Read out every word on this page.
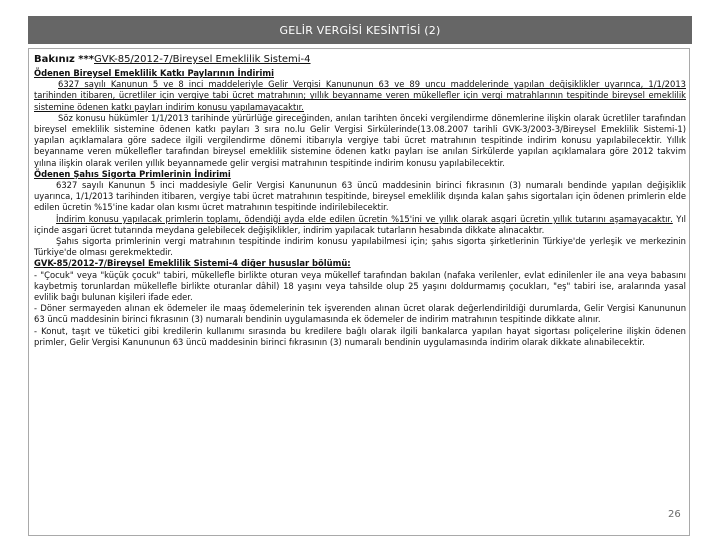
GELİR VERGİSİ KESİNTİSİ (2)

Bakınız ***GVK-85/2012-7/Bireysel Emeklilik Sistemi-4

Ödenen Bireysel Emeklilik Katkı Paylarının İndirimi

6327 sayılı Kanunun 5 ve 8 inci maddeleriyle Gelir Vergisi Kanununun 63 ve 89 uncu maddelerinde yapılan değişiklikler uyarınca, 1/1/2013 tarihinden itibaren, ücretliler için vergiye tabi ücret matrahının; yıllık beyanname veren mükellefler için vergi matrahlarının tespitinde bireysel emeklilik sistemine ödenen katkı payları indirim konusu yapılamayacaktır.

Söz konusu hükümler 1/1/2013 tarihinde yürürlüğe gireceğinden, anılan tarihten önceki vergilendirme dönemlerine ilişkin olarak ücretliler tarafından bireysel emeklilik sistemine ödenen katkı payları 3 sıra no.lu Gelir Vergisi Sirkülerinde(13.08.2007 tarihli GVK-3/2003-3/Bireysel Emeklilik Sistemi-1) yapılan açıklamalara göre sadece ilgili vergilendirme dönemi itibarıyla vergiye tabi ücret matrahının tespitinde indirim konusu yapılabilecektir. Yıllık beyanname veren mükellefler tarafından bireysel emeklilik sistemine ödenen katkı payları ise anılan Sirkülerde yapılan açıklamalara göre 2012 takvim yılına ilişkin olarak verilen yıllık beyannamede gelir vergisi matrahının tespitinde indirim konusu yapılabilecektir.

Ödenen Şahıs Sigorta Primlerinin İndirimi

6327 sayılı Kanunun 5 inci maddesiyle Gelir Vergisi Kanununun 63 üncü maddesinin birinci fıkrasının (3) numaralı bendinde yapılan değişiklik uyarınca, 1/1/2013 tarihinden itibaren, vergiye tabi ücret matrahının tespitinde, bireysel emeklilik dışında kalan şahıs sigortaları için ödenen primlerin elde edilen ücretin %15'ine kadar olan kısmı ücret matrahının tespitinde indirilebilecektir.

İndirim konusu yapılacak primlerin toplamı, ödendiği ayda elde edilen ücretin %15'ini ve yıllık olarak asgari ücretin yıllık tutarını aşamayacaktır. Yıl içinde asgari ücret tutarında meydana gelebilecek değişiklikler, indirim yapılacak tutarların hesabında dikkate alınacaktır.

Şahıs sigorta primlerinin vergi matrahının tespitinde indirim konusu yapılabilmesi için; şahıs sigorta şirketlerinin Türkiye'de yerleşik ve merkezinin Türkiye'de olması gerekmektedir.

GVK-85/2012-7/Bireysel Emeklilik Sistemi-4 diğer hususlar bölümü:

- "Çocuk" veya "küçük çocuk" tabiri, mükellefle birlikte oturan veya mükellef tarafından bakılan (nafaka verilenler, evlat edinilenler ile ana veya babasını kaybetmiş torunlardan mükellefle birlikte oturanlar dâhil) 18 yaşını veya tahsilde olup 25 yaşını doldurmamış çocukları, "eş" tabiri ise, aralarında yasal evlilik bağı bulunan kişileri ifade eder.

- Döner sermayeden alınan ek ödemeler ile maaş ödemelerinin tek işverenden alınan ücret olarak değerlendirildiği durumlarda, Gelir Vergisi Kanununun 63 üncü maddesinin birinci fıkrasının (3) numaralı bendinin uygulamasında ek ödemeler de indirim matrahının tespitinde dikkate alınır.

- Konut, taşıt ve tüketici gibi kredilerin kullanımı sırasında bu kredilere bağlı olarak ilgili bankalarca yapılan hayat sigortası poliçelerine ilişkin ödenen primler, Gelir Vergisi Kanununun 63 üncü maddesinin birinci fıkrasının (3) numaralı bendinin uygulamasında indirim olarak dikkate alınabilecektir.

26
